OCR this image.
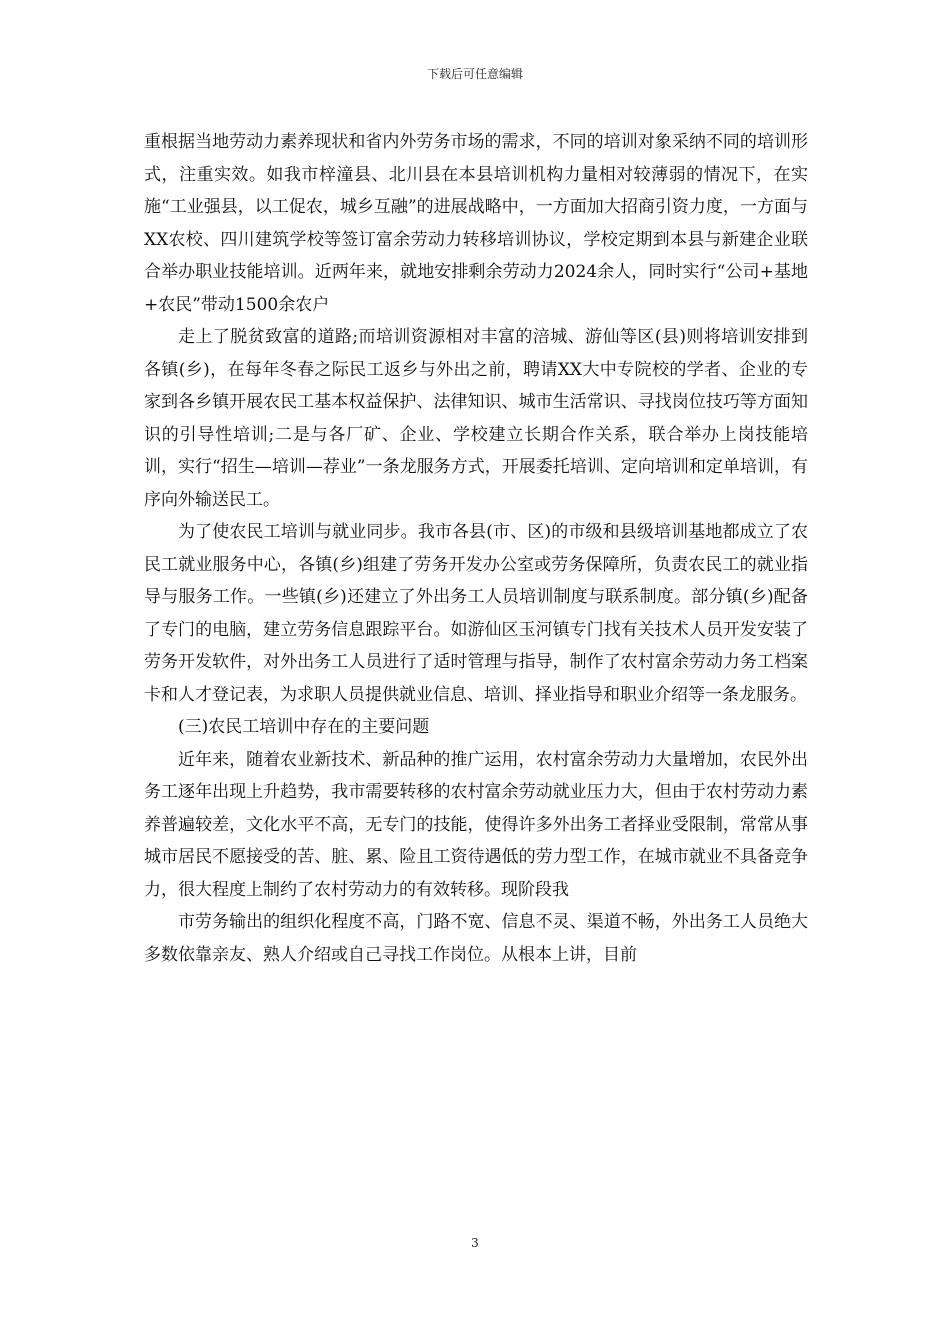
下载后可任意编辑

重根据当地劳动力素养现状和省内外劳务市场的需求，不同的培训对象采纳不同的培训形式，注重实效。如我市梓潼县、北川县在本县培训机构力量相对较薄弱的情况下，在实施“工业强县，以工促农，城乡互融”的进展战略中，一方面加大招商引资力度，一方面与XX农校、四川建筑学校等签订富余劳动力转移培训协议，学校定期到本县与新建企业联合举办职业技能培训。近两年来，就地安排剩余劳动力2024余人，同时实行“公司+基地+农民”带动1500余农户

走上了脱贫致富的道路;而培训资源相对丰富的涪城、游仙等区(县)则将培训安排到各镇(乡)，在每年冬春之际民工返乡与外出之前，聘请XX大中专院校的学者、企业的专家到各乡镇开展农民工基本权益保护、法律知识、城市生活常识、寻找岗位技巧等方面知识的引导性培训;二是与各厂矿、企业、学校建立长期合作关系，联合举办上岗技能培训，实行“招生—培训—荐业”一条龙服务方式，开展委托培训、定向培训和定单培训，有序向外输送民工。

为了使农民工培训与就业同步。我市各县(市、区)的市级和县级培训基地都成立了农民工就业服务中心，各镇(乡)组建了劳务开发办公室或劳务保障所，负责农民工的就业指导与服务工作。一些镇(乡)还建立了外出务工人员培训制度与联系制度。部分镇(乡)配备了专门的电脑，建立劳务信息跟踪平台。如游仙区玉河镇专门找有关技术人员开发安装了劳务开发软件，对外出务工人员进行了适时管理与指导，制作了农村富余劳动力务工档案卡和人才登记表，为求职人员提供就业信息、培训、择业指导和职业介绍等一条龙服务。

(三)农民工培训中存在的主要问题

近年来，随着农业新技术、新品种的推广运用，农村富余劳动力大量增加，农民外出务工逐年出现上升趋势，我市需要转移的农村富余劳动就业压力大，但由于农村劳动力素养普遍较差，文化水平不高，无专门的技能，使得许多外出务工者择业受限制，常常从事城市居民不愿接受的苦、脏、累、险且工资待遇低的劳力型工作，在城市就业不具备竞争力，很大程度上制约了农村劳动力的有效转移。现阶段我

市劳务输出的组织化程度不高，门路不宽、信息不灵、渠道不畅，外出务工人员绝大多数依靠亲友、熟人介绍或自己寻找工作岗位。从根本上讲，目前

3
